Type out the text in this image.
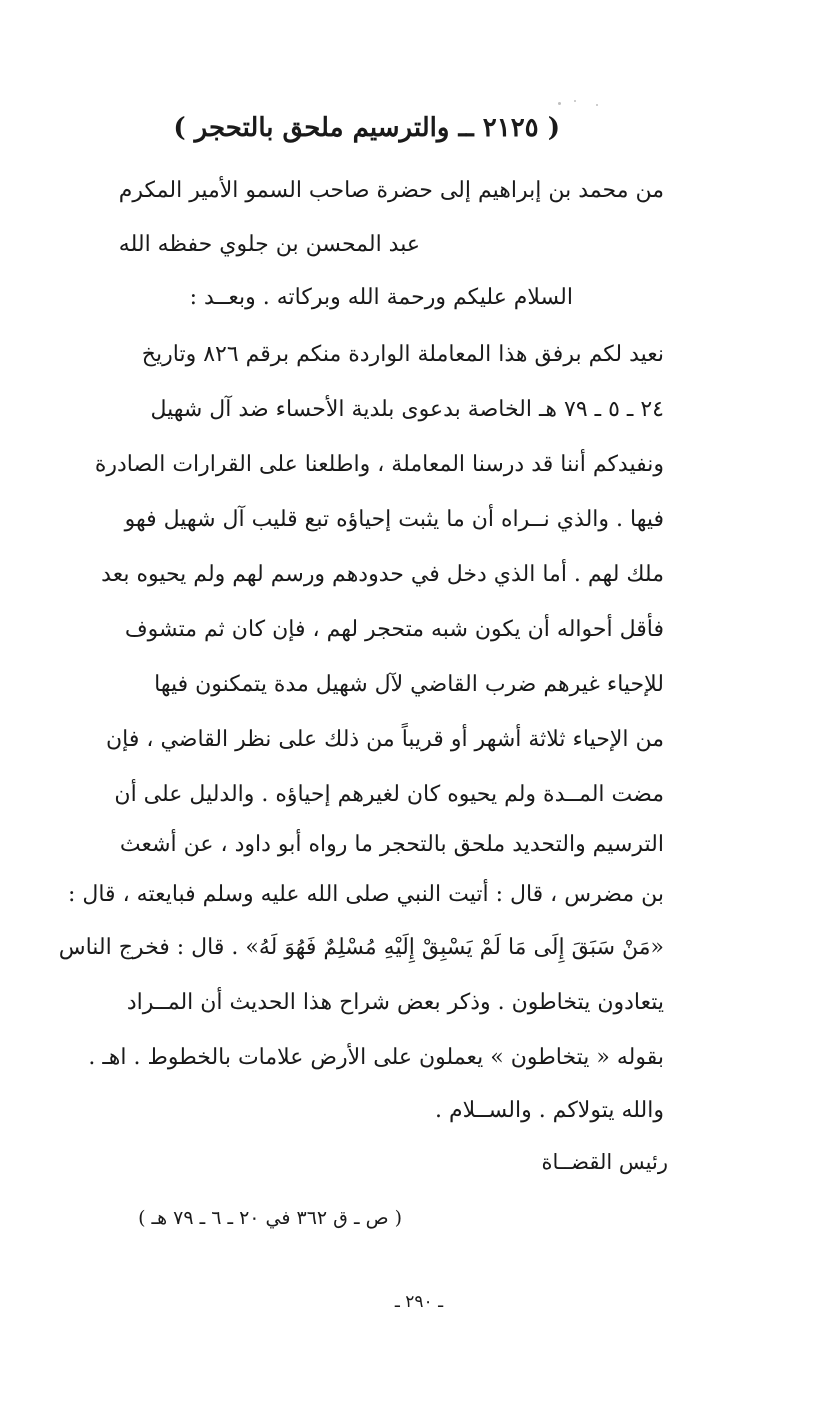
( ٢١٢٥ ــ والترسيم ملحق بالتحجر )
من محمد بن إبراهيم إلى حضرة صاحب السمو الأمير المكرم
عبد المحسن بن جلوي حفظه الله
السلام عليكم ورحمة الله وبركاته . وبعــد :
نعيد لكم برفق هذا المعاملة الواردة منكم برقم ٨٢٦ وتاريخ
٢٤ ـ ٥ ـ ٧٩ هـ الخاصة بدعوى بلدية الأحساء ضد آل شهيل
ونفيدكم أننا قد درسنا المعاملة ، واطلعنا على القرارات الصادرة
فيها . والذي نــراه أن ما يثبت إحياؤه تبع قليب آل شهيل فهو
ملك لهم . أما الذي دخل في حدودهم ورسم لهم ولم يحيوه بعد
فأقل أحواله أن يكون شبه متحجر لهم ، فإن كان ثم متشوف
للإحياء غيرهم ضرب القاضي لآل شهيل مدة يتمكنون فيها
من الإحياء ثلاثة أشهر أو قريباً من ذلك على نظر القاضي ، فإن
مضت المــدة ولم يحيوه كان لغيرهم إحياؤه . والدليل على أن
الترسيم والتحديد ملحق بالتحجر ما رواه أبو داود ، عن أشعث
بن مضرس ، قال : أتيت النبي صلى الله عليه وسلم فبايعته ، قال :
«مَنْ سَبَقَ إِلَى مَا لَمْ يَسْبِقْ إِلَيْهِ مُسْلِمٌ فَهُوَ لَهُ» . قال : فخرج الناس
يتعادون يتخاطون . وذكر بعض شراح هذا الحديث أن المــراد
بقوله « يتخاطون » يعملون على الأرض علامات بالخطوط . اهـ .
والله يتولاكم . والســلام .
رئيس القضــاة
( ص ـ ق ٣٦٢ في ٢٠ ـ ٦ ـ ٧٩ هـ )
ـ ٢٩٠ ـ
